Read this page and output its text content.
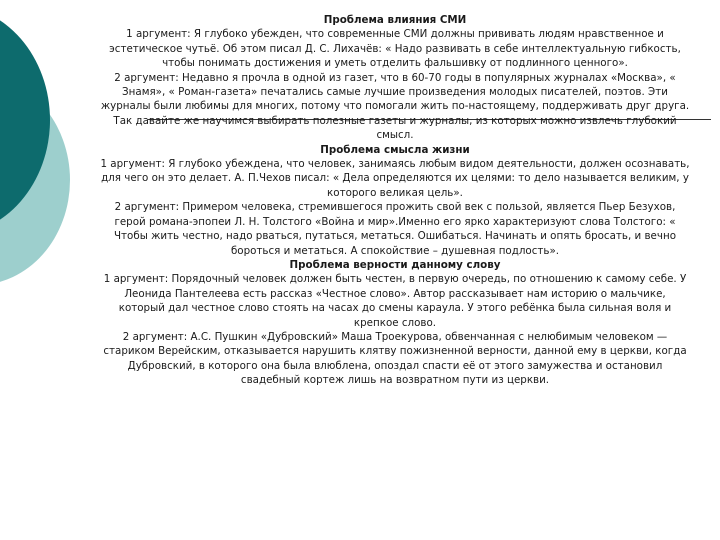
Проблема влияния СМИ

1 аргумент: Я глубоко убежден, что современные СМИ должны прививать людям нравственное и эстетическое чутьё. Об этом писал Д. С. Лихачёв: « Надо развивать в себе интеллектуальную гибкость, чтобы понимать достижения и уметь отделить фальшивку от подлинного ценного».

2 аргумент: Недавно я прочла в одной из газет, что в 60-70 годы в популярных журналах «Москва», « Знамя», « Роман-газета» печатались самые лучшие произведения молодых писателей, поэтов. Эти журналы были любимы для многих, потому что помогали жить по-настоящему, поддерживать друг друга. Так давайте же научимся выбирать полезные газеты и журналы, из которых можно извлечь глубокий смысл.

Проблема смысла жизни

1 аргумент: Я глубоко убеждена, что человек, занимаясь любым видом деятельности, должен осознавать, для чего он это делает. А. П.Чехов писал: « Дела определяются их целями: то дело называется великим, у которого великая цель».

2 аргумент: Примером человека, стремившегося прожить свой век с пользой, является Пьер Безухов, герой романа-эпопеи Л. Н. Толстого «Война и мир».Именно его ярко характеризуют слова Толстого: « Чтобы жить честно, надо рваться, путаться, метаться. Ошибаться. Начинать и опять бросать, и вечно бороться и метаться. А спокойствие – душевная подлость».

Проблема верности данному слову

1 аргумент: Порядочный человек должен быть честен, в первую очередь, по отношению к самому себе. У Леонида Пантелеева есть рассказ «Честное слово». Автор рассказывает нам историю о мальчике, который дал честное слово стоять на часах до смены караула. У этого ребёнка была сильная воля и крепкое слово.

2 аргумент: А.С. Пушкин «Дубровский» Маша Троекурова, обвенчанная с нелюбимым человеком — стариком Верейским, отказывается нарушить клятву пожизненной верности, данной ему в церкви, когда Дубровский, в которого она была влюблена, опоздал спасти её от этого замужества и остановил свадебный кортеж лишь на возвратном пути из церкви.
